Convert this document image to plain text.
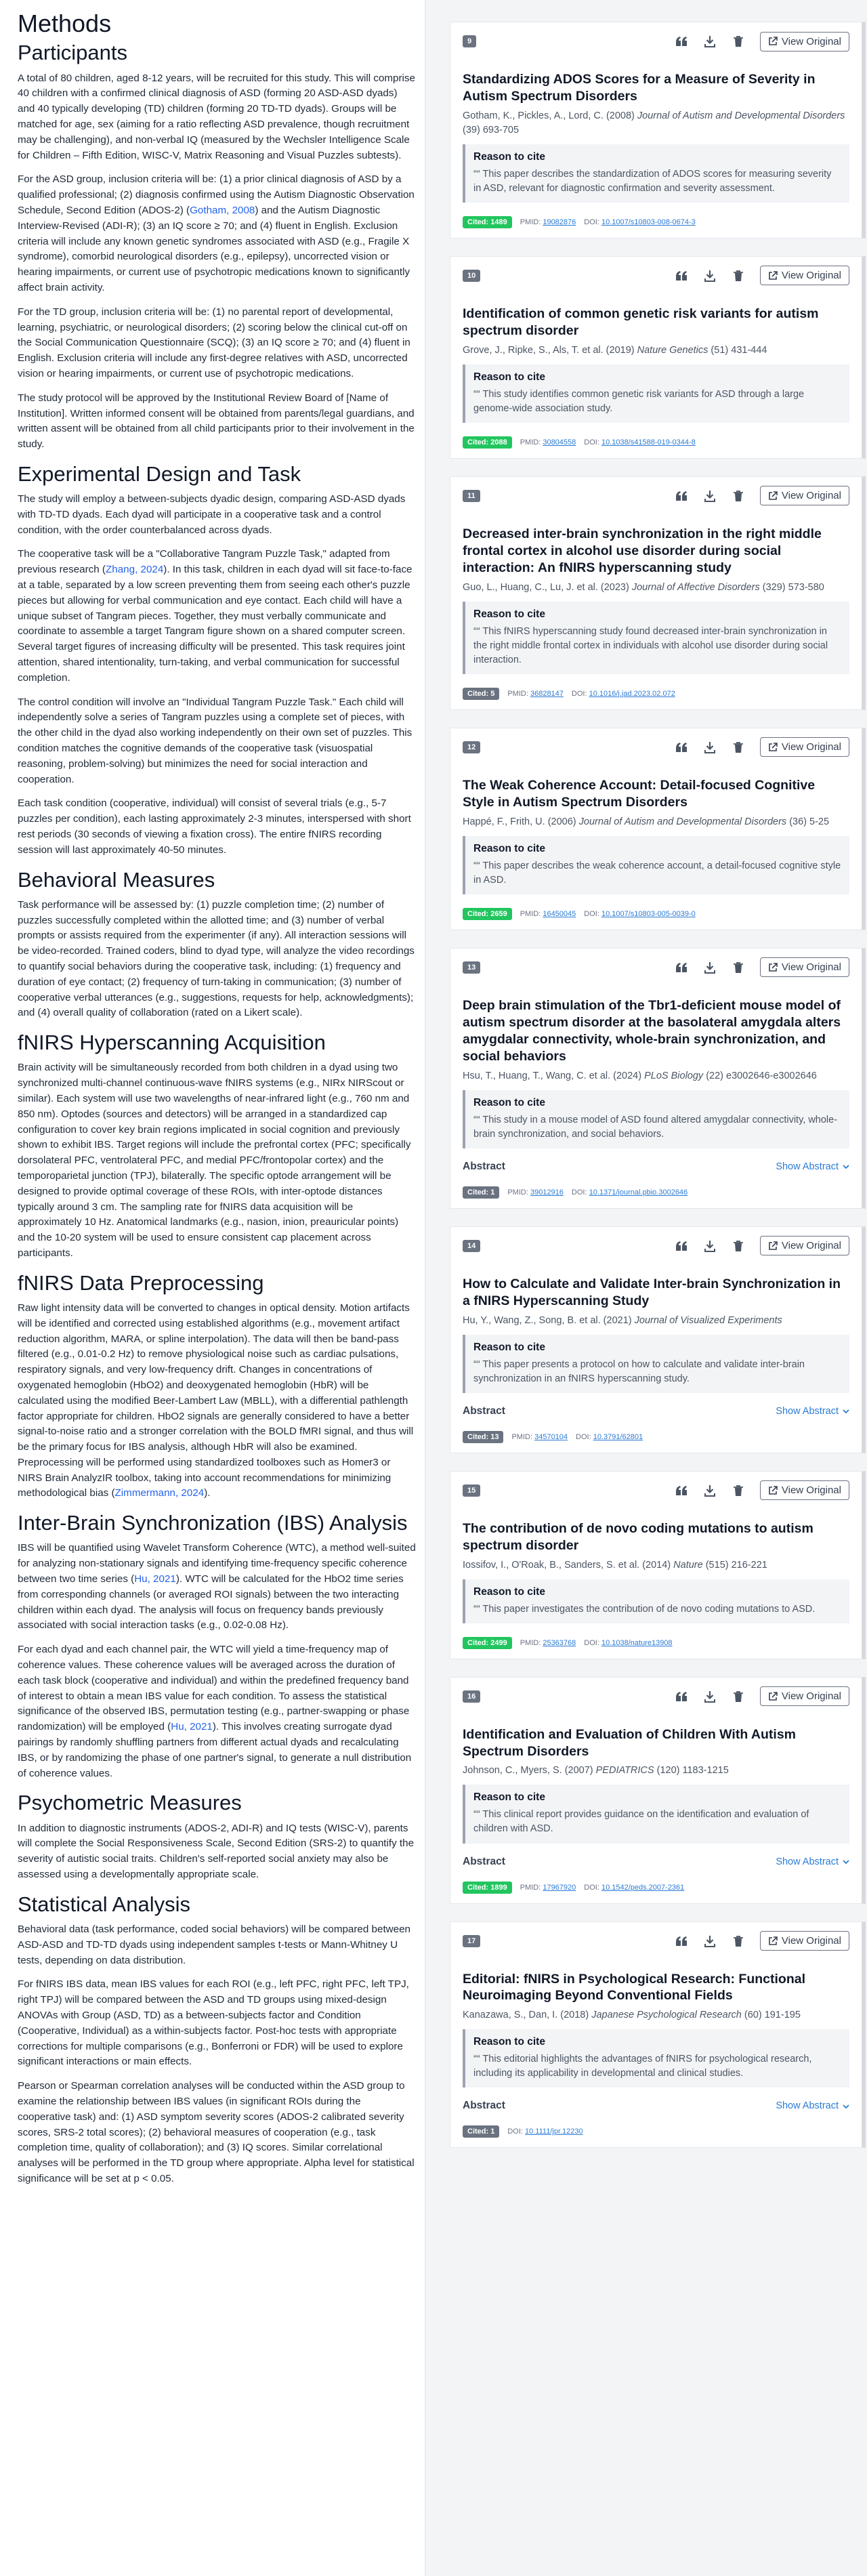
Methods
Participants

A total of 80 children, aged 8-12 years, will be recruited for this study. This will comprise 40 children with a confirmed clinical diagnosis of ASD (forming 20 ASD-ASD dyads) and 40 typically developing (TD) children (forming 20 TD-TD dyads). Groups will be matched for age, sex (aiming for a ratio reflecting ASD prevalence, though recruitment may be challenging), and non-verbal IQ (measured by the Wechsler Intelligence Scale for Children – Fifth Edition, WISC-V, Matrix Reasoning and Visual Puzzles subtests).

For the ASD group, inclusion criteria will be: (1) a prior clinical diagnosis of ASD by a qualified professional; (2) diagnosis confirmed using the Autism Diagnostic Observation Schedule, Second Edition (ADOS-2) (Gotham, 2008) and the Autism Diagnostic Interview-Revised (ADI-R); (3) an IQ score ≥ 70; and (4) fluent in English. Exclusion criteria will include any known genetic syndromes associated with ASD (e.g., Fragile X syndrome), comorbid neurological disorders (e.g., epilepsy), uncorrected vision or hearing impairments, or current use of psychotropic medications known to significantly affect brain activity.

For the TD group, inclusion criteria will be: (1) no parental report of developmental, learning, psychiatric, or neurological disorders; (2) scoring below the clinical cut-off on the Social Communication Questionnaire (SCQ); (3) an IQ score ≥ 70; and (4) fluent in English. Exclusion criteria will include any first-degree relatives with ASD, uncorrected vision or hearing impairments, or current use of psychotropic medications.

The study protocol will be approved by the Institutional Review Board of [Name of Institution]. Written informed consent will be obtained from parents/legal guardians, and written assent will be obtained from all child participants prior to their involvement in the study.

Experimental Design and Task

The study will employ a between-subjects dyadic design, comparing ASD-ASD dyads with TD-TD dyads. Each dyad will participate in a cooperative task and a control condition, with the order counterbalanced across dyads.

The cooperative task will be a "Collaborative Tangram Puzzle Task," adapted from previous research (Zhang, 2024). In this task, children in each dyad will sit face-to-face at a table, separated by a low screen preventing them from seeing each other's puzzle pieces but allowing for verbal communication and eye contact. Each child will have a unique subset of Tangram pieces. Together, they must verbally communicate and coordinate to assemble a target Tangram figure shown on a shared computer screen. Several target figures of increasing difficulty will be presented. This task requires joint attention, shared intentionality, turn-taking, and verbal communication for successful completion.

The control condition will involve an "Individual Tangram Puzzle Task." Each child will independently solve a series of Tangram puzzles using a complete set of pieces, with the other child in the dyad also working independently on their own set of puzzles. This condition matches the cognitive demands of the cooperative task (visuospatial reasoning, problem-solving) but minimizes the need for social interaction and cooperation.

Each task condition (cooperative, individual) will consist of several trials (e.g., 5-7 puzzles per condition), each lasting approximately 2-3 minutes, interspersed with short rest periods (30 seconds of viewing a fixation cross). The entire fNIRS recording session will last approximately 40-50 minutes.

Behavioral Measures

Task performance will be assessed by: (1) puzzle completion time; (2) number of puzzles successfully completed within the allotted time; and (3) number of verbal prompts or assists required from the experimenter (if any). All interaction sessions will be video-recorded. Trained coders, blind to dyad type, will analyze the video recordings to quantify social behaviors during the cooperative task, including: (1) frequency and duration of eye contact; (2) frequency of turn-taking in communication; (3) number of cooperative verbal utterances (e.g., suggestions, requests for help, acknowledgments); and (4) overall quality of collaboration (rated on a Likert scale).

fNIRS Hyperscanning Acquisition

Brain activity will be simultaneously recorded from both children in a dyad using two synchronized multi-channel continuous-wave fNIRS systems (e.g., NIRx NIRScout or similar). Each system will use two wavelengths of near-infrared light (e.g., 760 nm and 850 nm). Optodes (sources and detectors) will be arranged in a standardized cap configuration to cover key brain regions implicated in social cognition and previously shown to exhibit IBS. Target regions will include the prefrontal cortex (PFC; specifically dorsolateral PFC, ventrolateral PFC, and medial PFC/frontopolar cortex) and the temporoparietal junction (TPJ), bilaterally. The specific optode arrangement will be designed to provide optimal coverage of these ROIs, with inter-optode distances typically around 3 cm. The sampling rate for fNIRS data acquisition will be approximately 10 Hz. Anatomical landmarks (e.g., nasion, inion, preauricular points) and the 10-20 system will be used to ensure consistent cap placement across participants.

fNIRS Data Preprocessing

Raw light intensity data will be converted to changes in optical density. Motion artifacts will be identified and corrected using established algorithms (e.g., movement artifact reduction algorithm, MARA, or spline interpolation). The data will then be band-pass filtered (e.g., 0.01-0.2 Hz) to remove physiological noise such as cardiac pulsations, respiratory signals, and very low-frequency drift. Changes in concentrations of oxygenated hemoglobin (HbO2) and deoxygenated hemoglobin (HbR) will be calculated using the modified Beer-Lambert Law (MBLL), with a differential pathlength factor appropriate for children. HbO2 signals are generally considered to have a better signal-to-noise ratio and a stronger correlation with the BOLD fMRI signal, and thus will be the primary focus for IBS analysis, although HbR will also be examined. Preprocessing will be performed using standardized toolboxes such as Homer3 or NIRS Brain AnalyzIR toolbox, taking into account recommendations for minimizing methodological bias (Zimmermann, 2024).

Inter-Brain Synchronization (IBS) Analysis

IBS will be quantified using Wavelet Transform Coherence (WTC), a method well-suited for analyzing non-stationary signals and identifying time-frequency specific coherence between two time series (Hu, 2021). WTC will be calculated for the HbO2 time series from corresponding channels (or averaged ROI signals) between the two interacting children within each dyad. The analysis will focus on frequency bands previously associated with social interaction tasks (e.g., 0.02-0.08 Hz).

For each dyad and each channel pair, the WTC will yield a time-frequency map of coherence values. These coherence values will be averaged across the duration of each task block (cooperative and individual) and within the predefined frequency band of interest to obtain a mean IBS value for each condition. To assess the statistical significance of the observed IBS, permutation testing (e.g., partner-swapping or phase randomization) will be employed (Hu, 2021). This involves creating surrogate dyad pairings by randomly shuffling partners from different actual dyads and recalculating IBS, or by randomizing the phase of one partner's signal, to generate a null distribution of coherence values.

Psychometric Measures

In addition to diagnostic instruments (ADOS-2, ADI-R) and IQ tests (WISC-V), parents will complete the Social Responsiveness Scale, Second Edition (SRS-2) to quantify the severity of autistic social traits. Children's self-reported social anxiety may also be assessed using a developmentally appropriate scale.

Statistical Analysis

Behavioral data (task performance, coded social behaviors) will be compared between ASD-ASD and TD-TD dyads using independent samples t-tests or Mann-Whitney U tests, depending on data distribution.

For fNIRS IBS data, mean IBS values for each ROI (e.g., left PFC, right PFC, left TPJ, right TPJ) will be compared between the ASD and TD groups using mixed-design ANOVAs with Group (ASD, TD) as a between-subjects factor and Condition (Cooperative, Individual) as a within-subjects factor. Post-hoc tests with appropriate corrections for multiple comparisons (e.g., Bonferroni or FDR) will be used to explore significant interactions or main effects.

Pearson or Spearman correlation analyses will be conducted within the ASD group to examine the relationship between IBS values (in significant ROIs during the cooperative task) and: (1) ASD symptom severity scores (ADOS-2 calibrated severity scores, SRS-2 total scores); (2) behavioral measures of cooperation (e.g., task completion time, quality of collaboration); and (3) IQ scores. Similar correlational analyses will be performed in the TD group where appropriate. Alpha level for statistical significance will be set at p < 0.05.

9	View Original
Standardizing ADOS Scores for a Measure of Severity in Autism Spectrum Disorders
Gotham, K., Pickles, A., Lord, C. (2008) Journal of Autism and Developmental Disorders (39) 693-705
Reason to cite
““ This paper describes the standardization of ADOS scores for measuring severity in ASD, relevant for diagnostic confirmation and severity assessment.
Cited: 1489	PMID: 19082876 DOI: 10.1007/s10803-008-0674-3
10	View Original
Identification of common genetic risk variants for autism spectrum disorder
Grove, J., Ripke, S., Als, T. et al. (2019) Nature Genetics (51) 431-444
Reason to cite
““ This study identifies common genetic risk variants for ASD through a large genome-wide association study.
Cited: 2088	PMID: 30804558 DOI: 10.1038/s41588-019-0344-8
11	View Original
Decreased inter-brain synchronization in the right middle frontal cortex in alcohol use disorder during social interaction: An fNIRS hyperscanning study
Guo, L., Huang, C., Lu, J. et al. (2023) Journal of Affective Disorders (329) 573-580
Reason to cite
““ This fNIRS hyperscanning study found decreased inter-brain synchronization in the right middle frontal cortex in individuals with alcohol use disorder during social interaction.
Cited: 5	PMID: 36828147 DOI: 10.1016/j.jad.2023.02.072
12	View Original
The Weak Coherence Account: Detail-focused Cognitive Style in Autism Spectrum Disorders
Happé, F., Frith, U. (2006) Journal of Autism and Developmental Disorders (36) 5-25
Reason to cite
““ This paper describes the weak coherence account, a detail-focused cognitive style in ASD.
Cited: 2659	PMID: 16450045 DOI: 10.1007/s10803-005-0039-0
13	View Original
Deep brain stimulation of the Tbr1-deficient mouse model of autism spectrum disorder at the basolateral amygdala alters amygdalar connectivity, whole-brain synchronization, and social behaviors
Hsu, T., Huang, T., Wang, C. et al. (2024) PLoS Biology (22) e3002646-e3002646
Reason to cite
““ This study in a mouse model of ASD found altered amygdalar connectivity, whole-brain synchronization, and social behaviors.
Abstract	Show Abstract
Cited: 1	PMID: 39012916 DOI: 10.1371/journal.pbio.3002646
14	View Original
How to Calculate and Validate Inter-brain Synchronization in a fNIRS Hyperscanning Study
Hu, Y., Wang, Z., Song, B. et al. (2021) Journal of Visualized Experiments
Reason to cite
““ This paper presents a protocol on how to calculate and validate inter-brain synchronization in an fNIRS hyperscanning study.
Abstract	Show Abstract
Cited: 13	PMID: 34570104 DOI: 10.3791/62801
15	View Original
The contribution of de novo coding mutations to autism spectrum disorder
Iossifov, I., O'Roak, B., Sanders, S. et al. (2014) Nature (515) 216-221
Reason to cite
““ This paper investigates the contribution of de novo coding mutations to ASD.
Cited: 2499	PMID: 25363768 DOI: 10.1038/nature13908
16	View Original
Identification and Evaluation of Children With Autism Spectrum Disorders
Johnson, C., Myers, S. (2007) PEDIATRICS (120) 1183-1215
Reason to cite
““ This clinical report provides guidance on the identification and evaluation of children with ASD.
Abstract	Show Abstract
Cited: 1899	PMID: 17967920 DOI: 10.1542/peds.2007-2361
17	View Original
Editorial: fNIRS in Psychological Research: Functional Neuroimaging Beyond Conventional Fields
Kanazawa, S., Dan, I. (2018) Japanese Psychological Research (60) 191-195
Reason to cite
““ This editorial highlights the advantages of fNIRS for psychological research, including its applicability in developmental and clinical studies.
Abstract	Show Abstract
Cited: 1	DOI: 10.1111/jpr.12230
